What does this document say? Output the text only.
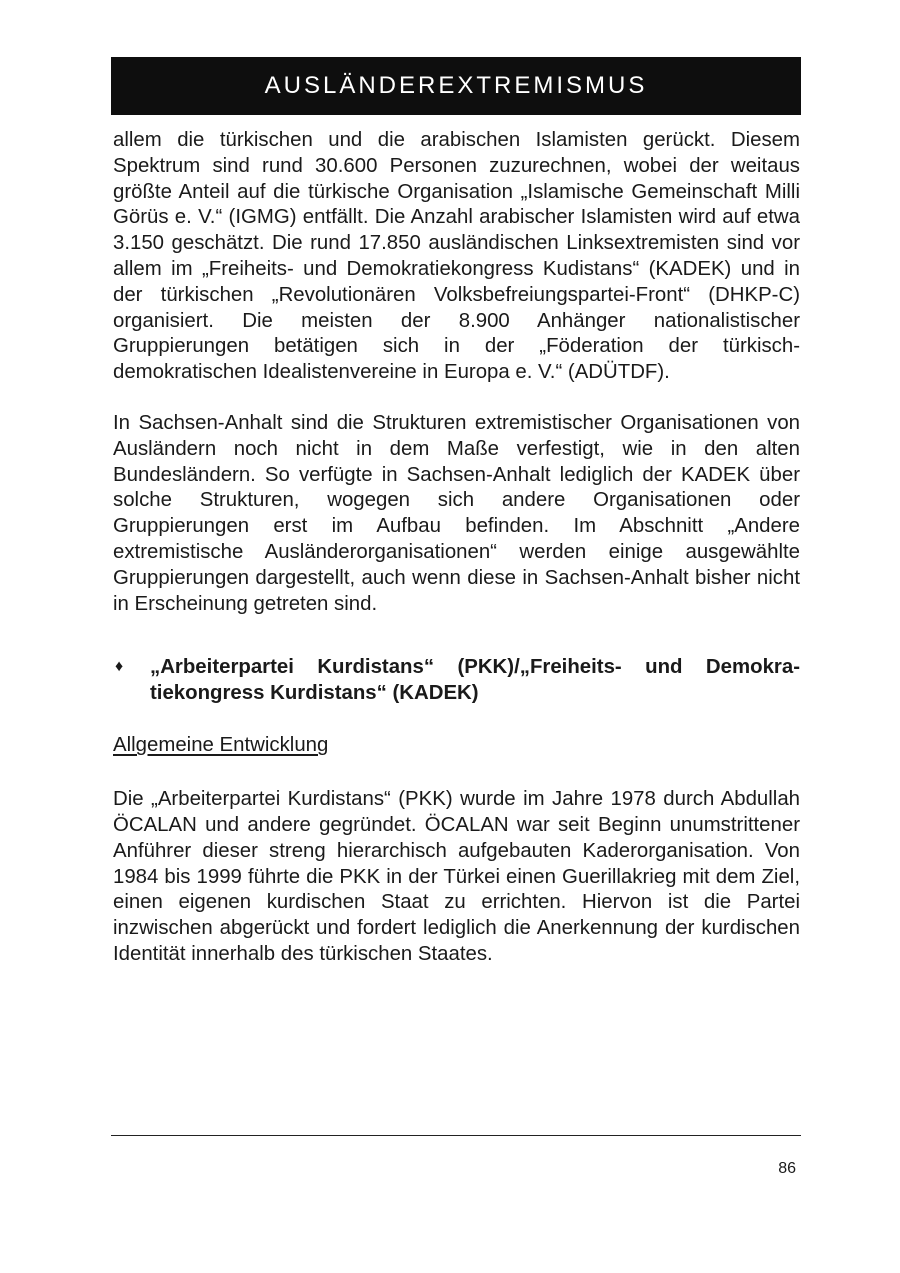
AUSLÄNDEREXTREMISMUS

allem die türkischen und die arabischen Islamisten gerückt. Diesem Spektrum sind rund 30.600 Personen zuzurechnen, wobei der weitaus größte Anteil auf die türkische Organisation „Islamische Gemeinschaft Milli Görüs e. V.“ (IGMG) entfällt. Die Anzahl arabischer Islamisten wird auf etwa 3.150 geschätzt. Die rund 17.850 ausländischen Linksextremisten sind vor allem im „Freiheits- und Demokratiekongress Kudistans“ (KADEK) und in der türkischen „Revolutionären Volksbefreiungspartei-Front“ (DHKP-C) organisiert. Die meisten der 8.900 Anhänger nationalistischer Gruppierungen betätigen sich in der „Föderation der türkisch-demokratischen Idealistenvereine in Europa e. V.“ (ADÜTDF).

In Sachsen-Anhalt sind die Strukturen extremistischer Organisationen von Ausländern noch nicht in dem Maße verfestigt, wie in den alten Bundesländern. So verfügte in Sachsen-Anhalt lediglich der KADEK über solche Strukturen, wogegen sich andere Organisationen oder Gruppierungen erst im Aufbau befinden. Im Abschnitt „Andere extremistische Ausländerorganisationen“ werden einige ausgewählte Gruppierungen dargestellt, auch wenn diese in Sachsen-Anhalt bisher nicht in Erscheinung getreten sind.

♦	„Arbeiterpartei Kurdistans“ (PKK)/„Freiheits- und Demokratiekongress Kurdistans“ (KADEK)
Allgemeine Entwicklung

Die „Arbeiterpartei Kurdistans“ (PKK) wurde im Jahre 1978 durch Abdullah ÖCALAN und andere gegründet. ÖCALAN war seit Beginn unumstrittener Anführer dieser streng hierarchisch aufgebauten Kaderorganisation. Von 1984 bis 1999 führte die PKK in der Türkei einen Guerillakrieg mit dem Ziel, einen eigenen kurdischen Staat zu errichten. Hiervon ist die Partei inzwischen abgerückt und fordert lediglich die Anerkennung der kurdischen Identität innerhalb des türkischen Staates.

86
